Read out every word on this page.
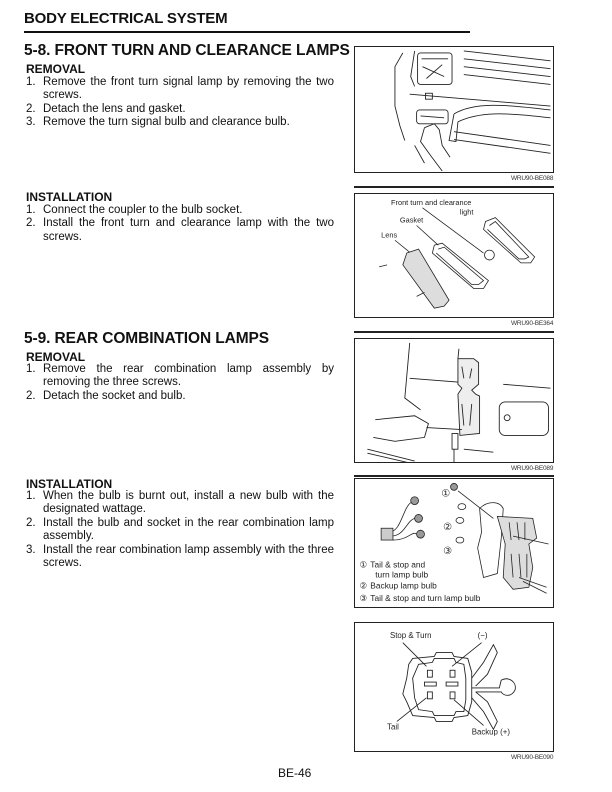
BODY ELECTRICAL SYSTEM
5-8. FRONT TURN AND CLEARANCE LAMPS
REMOVAL
1. Remove the front turn signal lamp by removing the two screws.
2. Detach the lens and gasket.
3. Remove the turn signal bulb and clearance bulb.
INSTALLATION
1. Connect the coupler to the bulb socket.
2. Install the front turn and clearance lamp with the two screws.
5-9. REAR COMBINATION LAMPS
REMOVAL
1. Remove the rear combination lamp assembly by removing the three screws.
2. Detach the socket and bulb.
INSTALLATION
1. When the bulb is burnt out, install a new bulb with the designated wattage.
2. Install the bulb and socket in the rear combination lamp assembly.
3. Install the rear combination lamp assembly with the three screws.
WRU90-BE088
Front turn and clearance
light
Gasket
Lens
WRU90-BE364
WRU90-BE089
①
②
③
① Tail & stop and
turn lamp bulb
② Backup lamp bulb
③ Tail & stop and turn lamp bulb
Stop & Turn	(−)
Tail
Backup (+)
WRU90-BE090
BE-46
